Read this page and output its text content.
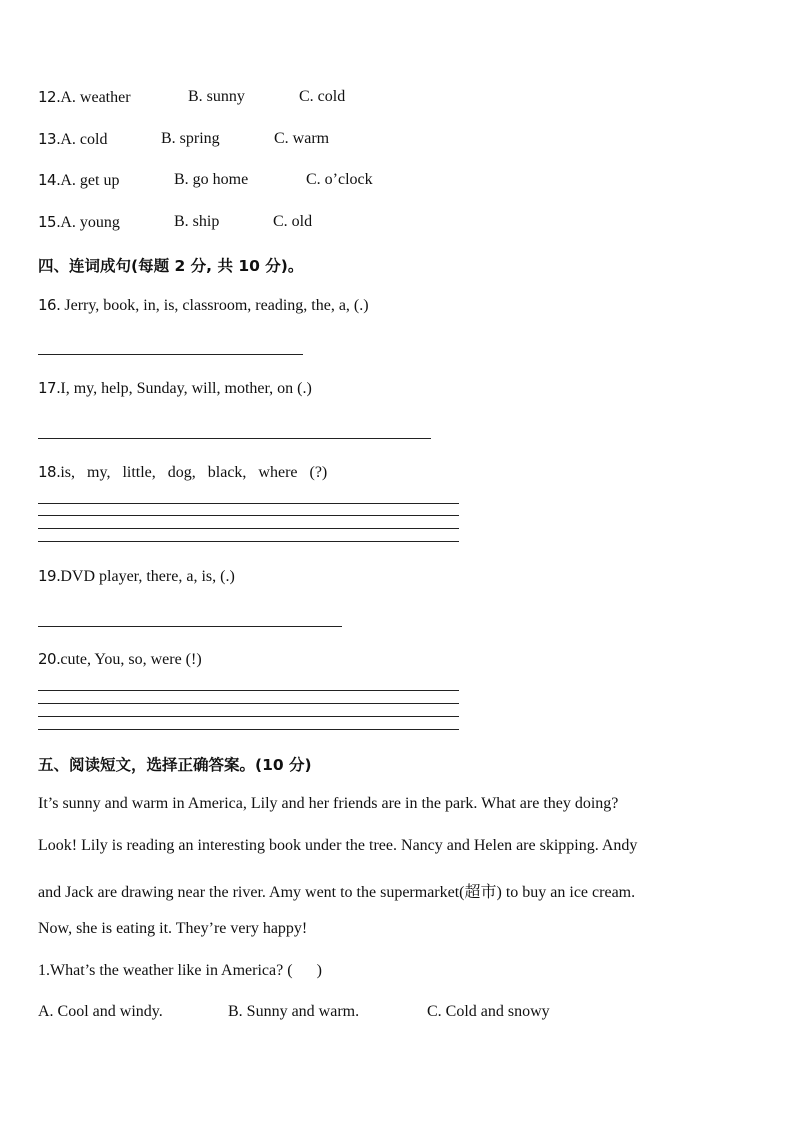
12.A. weather	B. sunny	C. cold
13.A. cold	B. spring	C. warm
14.A. get up	B. go home	C. o’clock
15.A. young	B. ship	C. old
四、连词成句(每题 2 分, 共 10 分)。
16. Jerry, book, in, is, classroom, reading, the, a, (.)
17.I, my, help, Sunday, will, mother, on (.)
18.is,   my,   little,   dog,   black,   where   (?)
19.DVD player, there, a, is, (.)
20.cute, You, so, were (!)
五、阅读短文，选择正确答案。(10 分)
It’s sunny and warm in America, Lily and her friends are in the park. What are they doing?
Look! Lily is reading an interesting book under the tree. Nancy and Helen are skipping. Andy
and Jack are drawing near the river. Amy went to the supermarket(超市) to buy an ice cream.
Now, she is eating it. They’re very happy!
1.What’s the weather like in America? (      )
A. Cool and windy.	B. Sunny and warm.	C. Cold and snowy
